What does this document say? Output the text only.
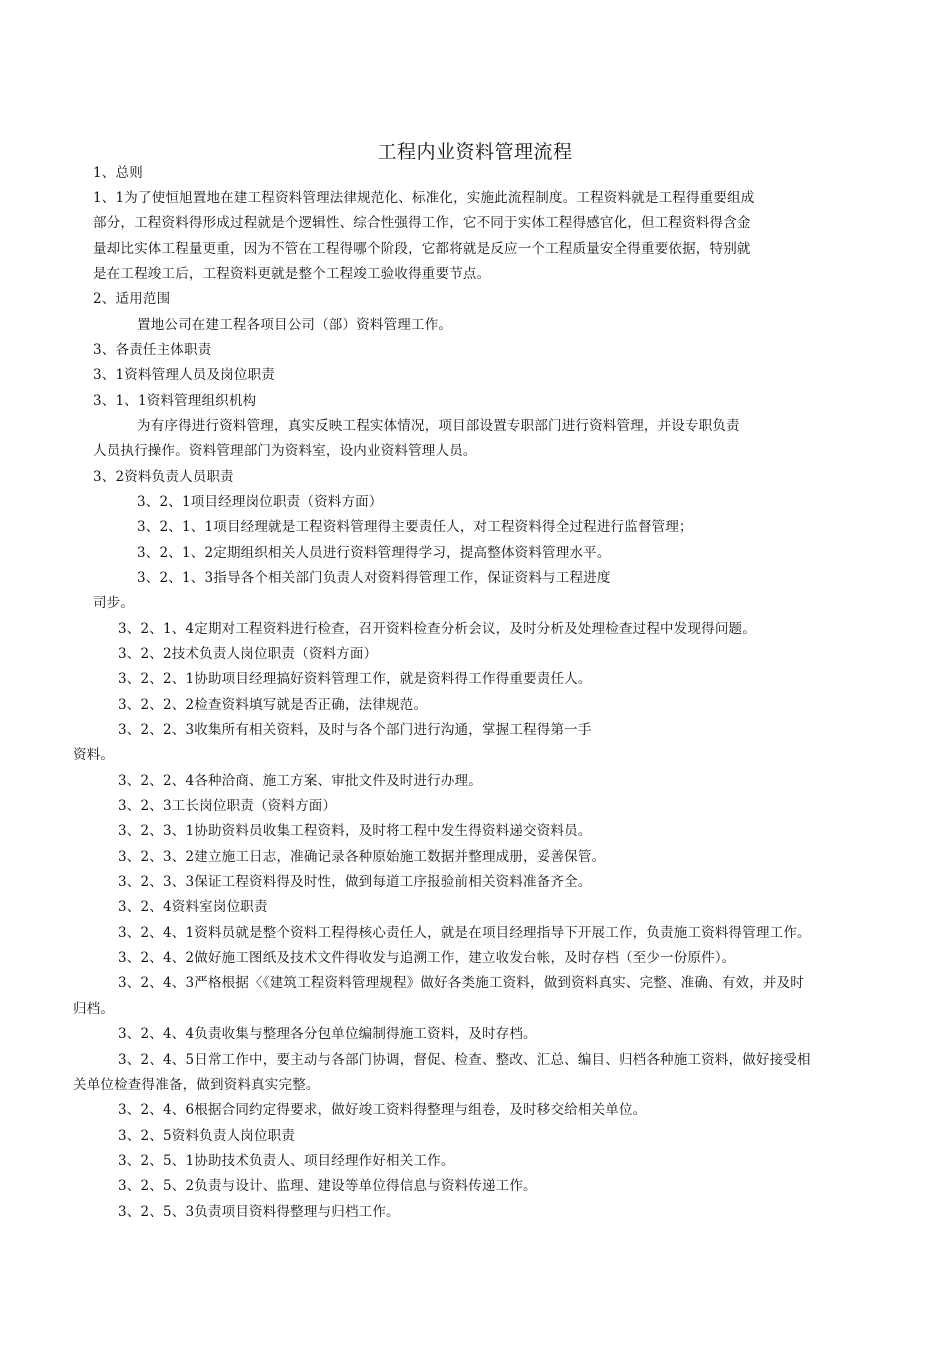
工程内业资料管理流程
1、总则
1、1为了使恒旭置地在建工程资料管理法律规范化、标准化，实施此流程制度。工程资料就是工程得重要组成
部分，工程资料得形成过程就是个逻辑性、综合性强得工作，它不同于实体工程得感官化，但工程资料得含金
量却比实体工程量更重，因为不管在工程得哪个阶段，它都将就是反应一个工程质量安全得重要依据，特别就
是在工程竣工后，工程资料更就是整个工程竣工验收得重要节点。
2、适用范围
置地公司在建工程各项目公司（部）资料管理工作。
3、各责任主体职责
3、1资料管理人员及岗位职责
3、1、1资料管理组织机构
为有序得进行资料管理，真实反映工程实体情况，项目部设置专职部门进行资料管理，并设专职负责
人员执行操作。资料管理部门为资料室，设内业资料管理人员。
3、2资料负责人员职责
3、2、1项目经理岗位职责（资料方面）
3、2、1、1项目经理就是工程资料管理得主要责任人，对工程资料得全过程进行监督管理；
3、2、1、2定期组织相关人员进行资料管理得学习，提高整体资料管理水平。
3、2、1、3指导各个相关部门负责人对资料得管理工作，保证资料与工程进度
司步。
3、2、1、4定期对工程资料进行检查，召开资料检查分析会议，及时分析及处理检查过程中发现得问题。
3、2、2技术负责人岗位职责（资料方面）
3、2、2、1协助项目经理搞好资料管理工作，就是资料得工作得重要责任人。
3、2、2、2检查资料填写就是否正确，法律规范。
3、2、2、3收集所有相关资料，及时与各个部门进行沟通，掌握工程得第一手
资料。
3、2、2、4各种洽商、施工方案、审批文件及时进行办理。
3、2、3工长岗位职责（资料方面）
3、2、3、1协助资料员收集工程资料，及时将工程中发生得资料递交资料员。
3、2、3、2建立施工日志，准确记录各种原始施工数据并整理成册，妥善保管。
3、2、3、3保证工程资料得及时性，做到每道工序报验前相关资料准备齐全。
3、2、4资料室岗位职责
3、2、4、1资料员就是整个资料工程得核心责任人，就是在项目经理指导下开展工作，负责施工资料得管理工作。
3、2、4、2做好施工图纸及技术文件得收发与追溯工作，建立收发台帐，及时存档（至少一份原件）。
3、2、4、3严格根据〈《建筑工程资料管理规程》做好各类施工资料，做到资料真实、完整、准确、有效，并及时
归档。
3、2、4、4负责收集与整理各分包单位编制得施工资料，及时存档。
3、2、4、5日常工作中，要主动与各部门协调，督促、检查、整改、汇总、编目、归档各种施工资料，做好接受相
关单位检查得准备，做到资料真实完整。
3、2、4、6根据合同约定得要求，做好竣工资料得整理与组卷，及时移交给相关单位。
3、2、5资料负责人岗位职责
3、2、5、1协助技术负责人、项目经理作好相关工作。
3、2、5、2负责与设计、监理、建设等单位得信息与资料传递工作。
3、2、5、3负责项目资料得整理与归档工作。
